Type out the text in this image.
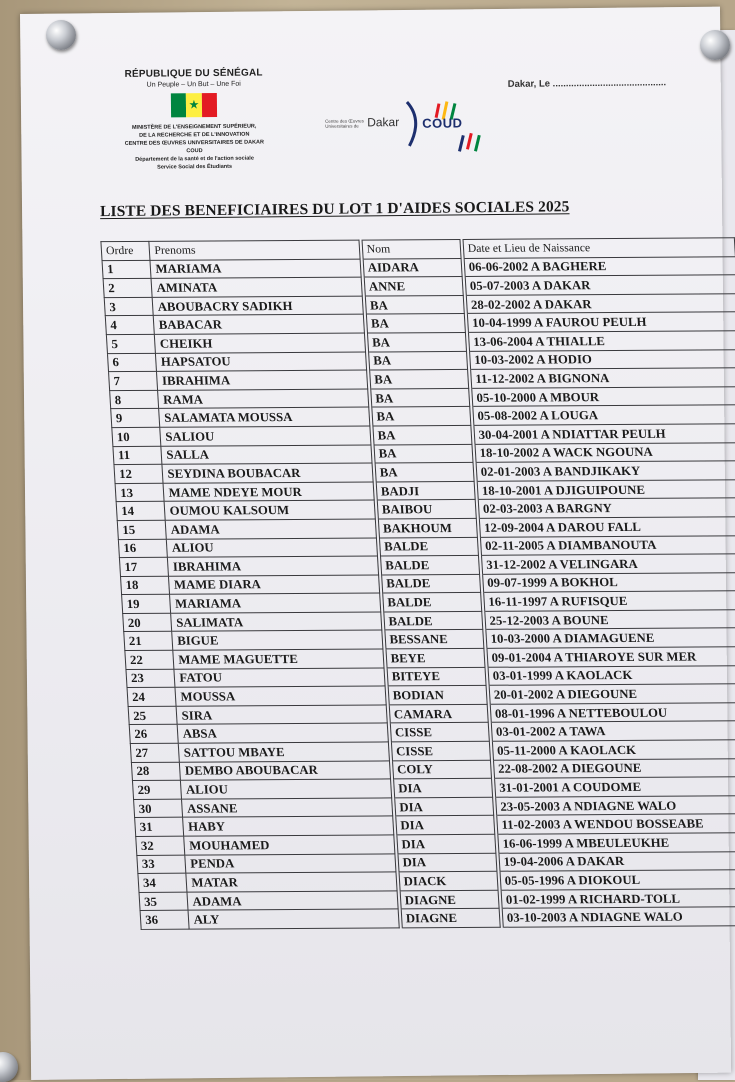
RÉPUBLIQUE DU SÉNÉGAL
Un Peuple – Un But – Une Foi
★
MINISTÈRE DE L'ENSEIGNEMENT SUPÉRIEUR,
DE LA RECHERCHE ET DE L'INNOVATION
CENTRE DES ŒUVRES UNIVERSITAIRES DE DAKAR
COUD
Département de la santé et de l'action sociale
Service Social des Étudiants
Dakar, Le ...........................................
Centre des Œuvres Universitaires de Dakar COUD
LISTE DES BENEFICIAIRES DU LOT 1 D'AIDES SOCIALES 2025
Ordre	Prenoms		Nom		Date et Lieu de Naissance
1	MARIAMA		AIDARA		06-06-2002 A BAGHERE
2	AMINATA		ANNE		05-07-2003 A DAKAR
3	ABOUBACRY SADIKH		BA		28-02-2002 A DAKAR
4	BABACAR		BA		10-04-1999 A FAUROU PEULH
5	CHEIKH		BA		13-06-2004 A THIALLE
6	HAPSATOU		BA		10-03-2002 A HODIO
7	IBRAHIMA		BA		11-12-2002 A BIGNONA
8	RAMA		BA		05-10-2000 A MBOUR
9	SALAMATA MOUSSA		BA		05-08-2002 A LOUGA
10	SALIOU		BA		30-04-2001 A NDIATTAR PEULH
11	SALLA		BA		18-10-2002 A WACK NGOUNA
12	SEYDINA BOUBACAR		BA		02-01-2003 A BANDJIKAKY
13	MAME NDEYE MOUR		BADJI		18-10-2001 A DJIGUIPOUNE
14	OUMOU KALSOUM		BAIBOU		02-03-2003 A BARGNY
15	ADAMA		BAKHOUM		12-09-2004 A DAROU FALL
16	ALIOU		BALDE		02-11-2005 A DIAMBANOUTA
17	IBRAHIMA		BALDE		31-12-2002 A VELINGARA
18	MAME DIARA		BALDE		09-07-1999 A BOKHOL
19	MARIAMA		BALDE		16-11-1997 A RUFISQUE
20	SALIMATA		BALDE		25-12-2003 A BOUNE
21	BIGUE		BESSANE		10-03-2000 A DIAMAGUENE
22	MAME MAGUETTE		BEYE		09-01-2004 A THIAROYE SUR MER
23	FATOU		BITEYE		03-01-1999 A KAOLACK
24	MOUSSA		BODIAN		20-01-2002 A DIEGOUNE
25	SIRA		CAMARA		08-01-1996 A NETTEBOULOU
26	ABSA		CISSE		03-01-2002 A TAWA
27	SATTOU MBAYE		CISSE		05-11-2000 A KAOLACK
28	DEMBO ABOUBACAR		COLY		22-08-2002 A DIEGOUNE
29	ALIOU		DIA		31-01-2001 A COUDOME
30	ASSANE		DIA		23-05-2003 A NDIAGNE WALO
31	HABY		DIA		11-02-2003 A WENDOU BOSSEABE
32	MOUHAMED		DIA		16-06-1999 A MBEULEUKHE
33	PENDA		DIA		19-04-2006 A DAKAR
34	MATAR		DIACK		05-05-1996 A DIOKOUL
35	ADAMA		DIAGNE		01-02-1999 A RICHARD-TOLL
36	ALY		DIAGNE		03-10-2003 A NDIAGNE WALO
